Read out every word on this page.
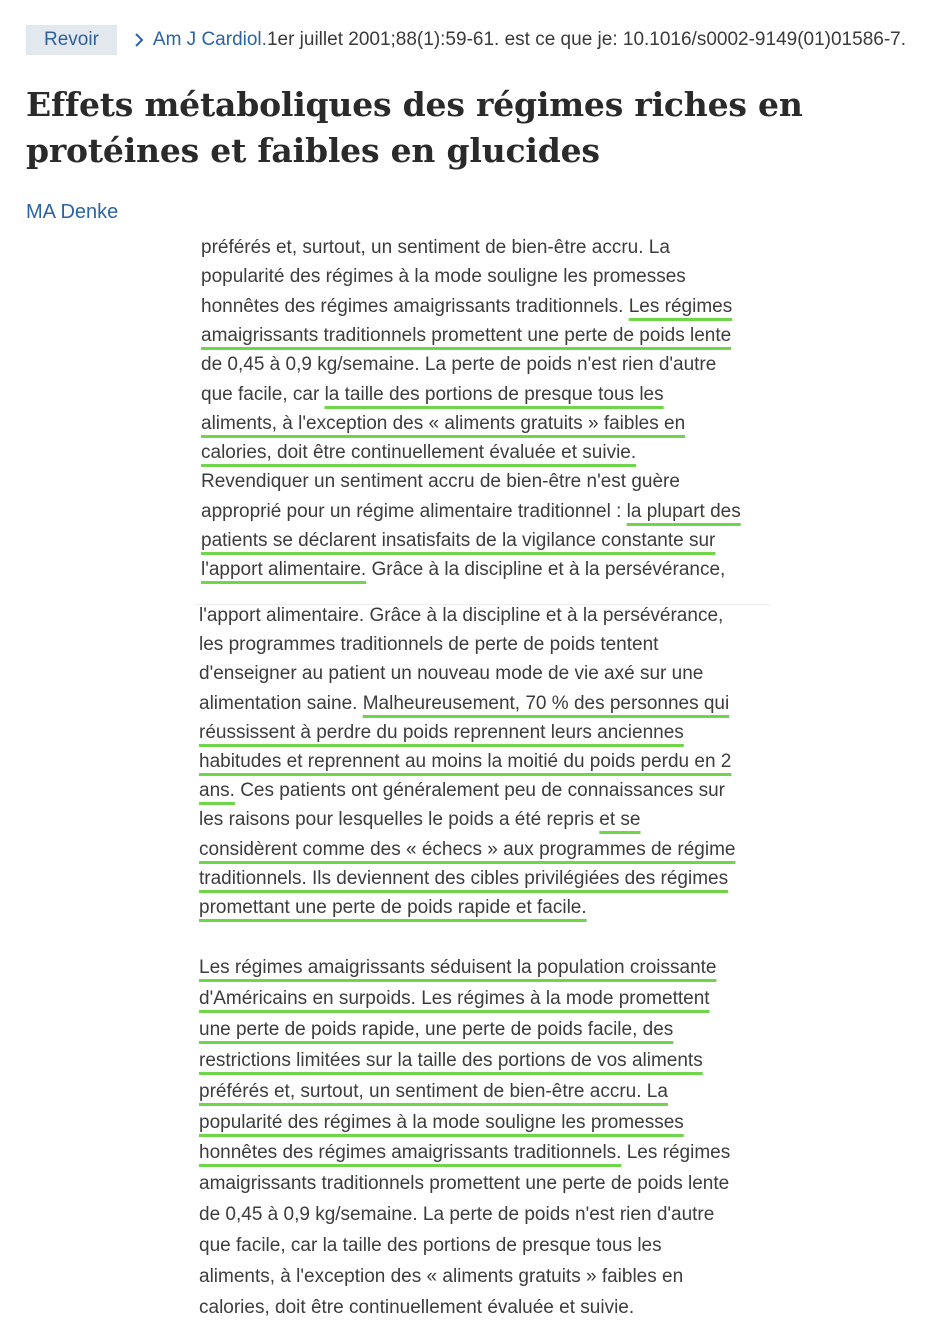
Revoir	Am J Cardiol. 1er juillet 2001;88(1):59-61. est ce que je: 10.1016/s0002-9149(01)01586-7.
Effets métaboliques des régimes riches en protéines et faibles en glucides
MA Denke
préférés et, surtout, un sentiment de bien-être accru. La
popularité des régimes à la mode souligne les promesses
honnêtes des régimes amaigrissants traditionnels. Les régimes
amaigrissants traditionnels promettent une perte de poids lente
de 0,45 à 0,9 kg/semaine. La perte de poids n'est rien d'autre
que facile, car la taille des portions de presque tous les
aliments, à l'exception des « aliments gratuits » faibles en
calories, doit être continuellement évaluée et suivie.
Revendiquer un sentiment accru de bien-être n'est guère
approprié pour un régime alimentaire traditionnel : la plupart des
patients se déclarent insatisfaits de la vigilance constante sur
l'apport alimentaire. Grâce à la discipline et à la persévérance,
l'apport alimentaire. Grâce à la discipline et à la persévérance,
les programmes traditionnels de perte de poids tentent
d'enseigner au patient un nouveau mode de vie axé sur une
alimentation saine. Malheureusement, 70 % des personnes qui
réussissent à perdre du poids reprennent leurs anciennes
habitudes et reprennent au moins la moitié du poids perdu en 2
ans. Ces patients ont généralement peu de connaissances sur
les raisons pour lesquelles le poids a été repris et se
considèrent comme des « échecs » aux programmes de régime
traditionnels. Ils deviennent des cibles privilégiées des régimes
promettant une perte de poids rapide et facile.
Les régimes amaigrissants séduisent la population croissante
d'Américains en surpoids. Les régimes à la mode promettent
une perte de poids rapide, une perte de poids facile, des
restrictions limitées sur la taille des portions de vos aliments
préférés et, surtout, un sentiment de bien-être accru. La
popularité des régimes à la mode souligne les promesses
honnêtes des régimes amaigrissants traditionnels. Les régimes
amaigrissants traditionnels promettent une perte de poids lente
de 0,45 à 0,9 kg/semaine. La perte de poids n'est rien d'autre
que facile, car la taille des portions de presque tous les
aliments, à l'exception des « aliments gratuits » faibles en
calories, doit être continuellement évaluée et suivie.
